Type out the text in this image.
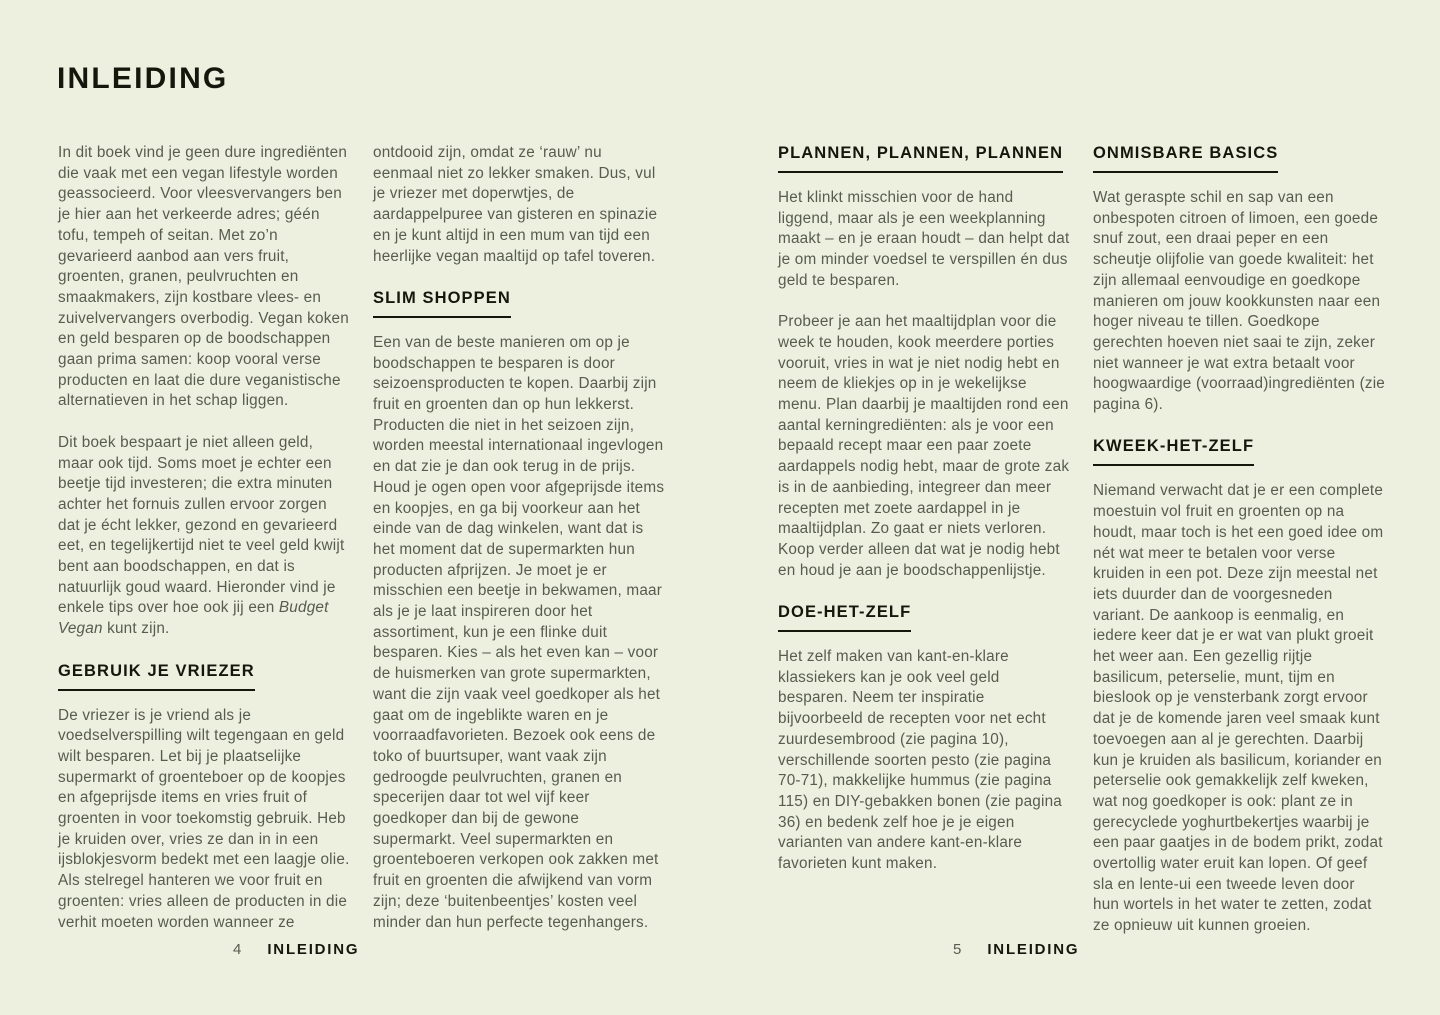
INLEIDING

In dit boek vind je geen dure ingrediënten die vaak met een vegan lifestyle worden geassocieerd. Voor vleesvervangers ben je hier aan het verkeerde adres; géén tofu, tempeh of seitan. Met zo’n gevarieerd aanbod aan vers fruit, groenten, granen, peulvruchten en smaakmakers, zijn kostbare vlees- en zuivelvervangers overbodig. Vegan koken en geld besparen op de boodschappen gaan prima samen: koop vooral verse producten en laat die dure veganistische alternatieven in het schap liggen.

Dit boek bespaart je niet alleen geld, maar ook tijd. Soms moet je echter een beetje tijd investeren; die extra minuten achter het fornuis zullen ervoor zorgen dat je écht lekker, gezond en gevarieerd eet, en tegelijkertijd niet te veel geld kwijt bent aan boodschappen, en dat is natuurlijk goud waard. Hieronder vind je enkele tips over hoe ook jij een Budget Vegan kunt zijn.

GEBRUIK JE VRIEZER

De vriezer is je vriend als je voedselverspilling wilt tegengaan en geld wilt besparen. Let bij je plaatselijke supermarkt of groenteboer op de koopjes en afgeprijsde items en vries fruit of groenten in voor toekomstig gebruik. Heb je kruiden over, vries ze dan in in een ijsblokjesvorm bedekt met een laagje olie. Als stelregel hanteren we voor fruit en groenten: vries alleen de producten in die verhit moeten worden wanneer ze

ontdooid zijn, omdat ze ‘rauw’ nu eenmaal niet zo lekker smaken. Dus, vul je vriezer met doperwtjes, de aardappelpuree van gisteren en spinazie en je kunt altijd in een mum van tijd een heerlijke vegan maaltijd op tafel toveren.

SLIM SHOPPEN

Een van de beste manieren om op je boodschappen te besparen is door seizoensproducten te kopen. Daarbij zijn fruit en groenten dan op hun lekkerst. Producten die niet in het seizoen zijn, worden meestal internationaal ingevlogen en dat zie je dan ook terug in de prijs. Houd je ogen open voor afgeprijsde items en koopjes, en ga bij voorkeur aan het einde van de dag winkelen, want dat is het moment dat de supermarkten hun producten afprijzen. Je moet je er misschien een beetje in bekwamen, maar als je je laat inspireren door het assortiment, kun je een flinke duit besparen. Kies – als het even kan – voor de huismerken van grote supermarkten, want die zijn vaak veel goedkoper als het gaat om de ingeblikte waren en je voorraadfavorieten. Bezoek ook eens de toko of buurtsuper, want vaak zijn gedroogde peulvruchten, granen en specerijen daar tot wel vijf keer goedkoper dan bij de gewone supermarkt. Veel supermarkten en groenteboeren verkopen ook zakken met fruit en groenten die afwijkend van vorm zijn; deze ‘buitenbeentjes’ kosten veel minder dan hun perfecte tegenhangers.

PLANNEN, PLANNEN, PLANNEN

Het klinkt misschien voor de hand liggend, maar als je een weekplanning maakt – en je eraan houdt – dan helpt dat je om minder voedsel te verspillen én dus geld te besparen.

Probeer je aan het maaltijdplan voor die week te houden, kook meerdere porties vooruit, vries in wat je niet nodig hebt en neem de kliekjes op in je wekelijkse menu. Plan daarbij je maaltijden rond een aantal kerningrediënten: als je voor een bepaald recept maar een paar zoete aardappels nodig hebt, maar de grote zak is in de aanbieding, integreer dan meer recepten met zoete aardappel in je maaltijdplan. Zo gaat er niets verloren. Koop verder alleen dat wat je nodig hebt en houd je aan je boodschappenlijstje.

DOE-HET-ZELF

Het zelf maken van kant-en-klare klassiekers kan je ook veel geld besparen. Neem ter inspiratie bijvoorbeeld de recepten voor net echt zuurdesembrood (zie pagina 10), verschillende soorten pesto (zie pagina 70-71), makkelijke hummus (zie pagina 115) en DIY-gebakken bonen (zie pagina 36) en bedenk zelf hoe je je eigen varianten van andere kant-en-klare favorieten kunt maken.

ONMISBARE BASICS

Wat geraspte schil en sap van een onbespoten citroen of limoen, een goede snuf zout, een draai peper en een scheutje olijfolie van goede kwaliteit: het zijn allemaal eenvoudige en goedkope manieren om jouw kookkunsten naar een hoger niveau te tillen. Goedkope gerechten hoeven niet saai te zijn, zeker niet wanneer je wat extra betaalt voor hoogwaardige (voorraad)ingrediënten (zie pagina 6).

KWEEK-HET-ZELF

Niemand verwacht dat je er een complete moestuin vol fruit en groenten op na houdt, maar toch is het een goed idee om nét wat meer te betalen voor verse kruiden in een pot. Deze zijn meestal net iets duurder dan de voorgesneden variant. De aankoop is eenmalig, en iedere keer dat je er wat van plukt groeit het weer aan. Een gezellig rijtje basilicum, peterselie, munt, tijm en bieslook op je vensterbank zorgt ervoor dat je de komende jaren veel smaak kunt toevoegen aan al je gerechten. Daarbij kun je kruiden als basilicum, koriander en peterselie ook gemakkelijk zelf kweken, wat nog goedkoper is ook: plant ze in gerecyclede yoghurtbekertjes waarbij je een paar gaatjes in de bodem prikt, zodat overtollig water eruit kan lopen. Of geef sla en lente-ui een tweede leven door hun wortels in het water te zetten, zodat ze opnieuw uit kunnen groeien.

4 INLEIDING	5 INLEIDING
